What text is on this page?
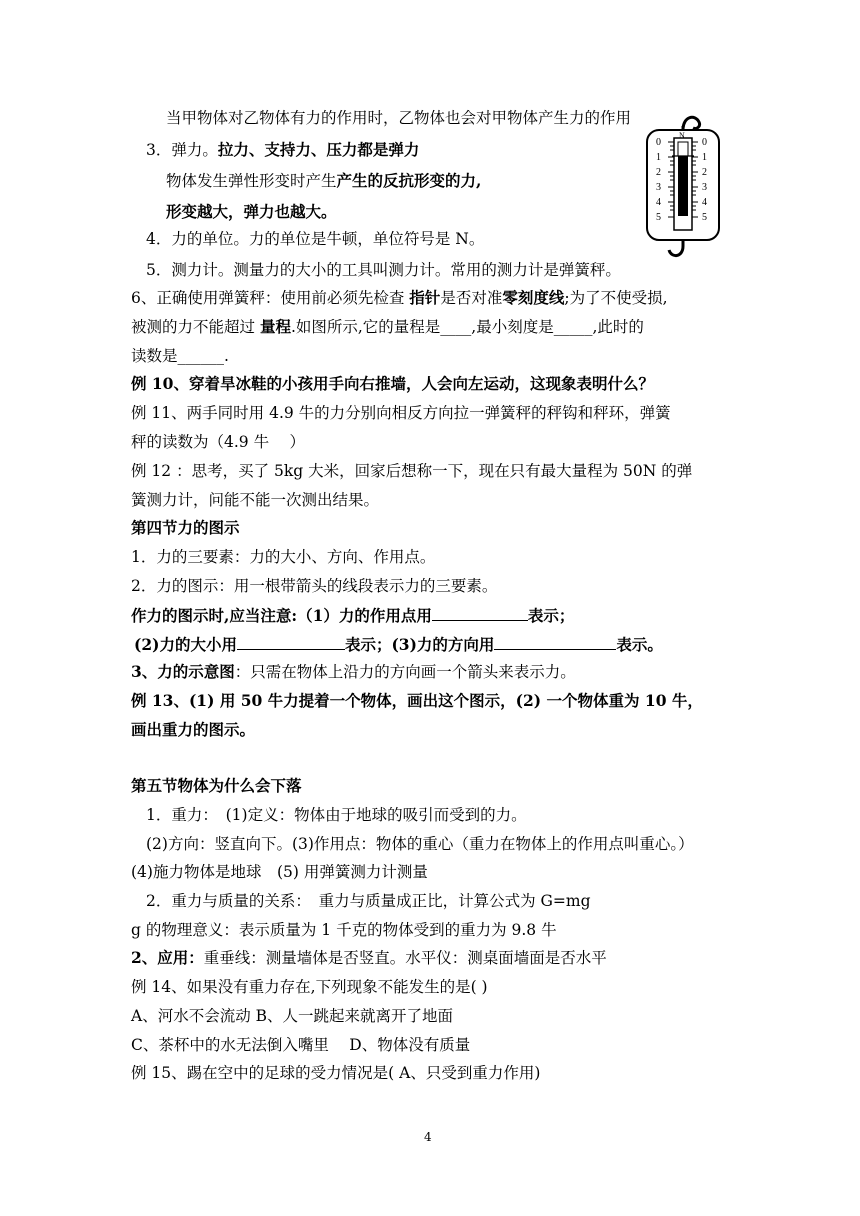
当甲物体对乙物体有力的作用时，乙物体也会对甲物体产生力的作用
3．弹力。拉力、支持力、压力都是弹力
物体发生弹性形变时产生产生的反抗形变的力,
形变越大，弹力也越大。
4．力的单位。力的单位是牛顿，单位符号是 N。
5．测力计。测量力的大小的工具叫测力计。常用的测力计是弹簧秤。
6、正确使用弹簧秤：使用前必须先检查 指针是否对准零刻度线;为了不使受损,
被测的力不能超过 量程.如图所示,它的量程是____,最小刻度是_____,此时的
读数是______.
例 10、穿着旱冰鞋的小孩用手向右推墙，人会向左运动，这现象表明什么？
例 11、两手同时用 4.9 牛的力分别向相反方向拉一弹簧秤的秤钩和秤环，弹簧
秤的读数为（4.9 牛　 ）
例 12 ：思考，买了 5kg 大米，回家后想称一下，现在只有最大量程为 50N 的弹
簧测力计，问能不能一次测出结果。
第四节力的图示
1．力的三要素：力的大小、方向、作用点。
2．力的图示：用一根带箭头的线段表示力的三要素。
作力的图示时,应当注意:（1）力的作用点用	表示；
(2)力的大小用	表示；(3)力的方向用	表示。
3、力的示意图：只需在物体上沿力的方向画一个箭头来表示力。
例 13、(1) 用 50 牛力提着一个物体，画出这个图示，(2) 一个物体重为 10 牛，
画出重力的图示。
第五节物体为什么会下落
1．重力：　(1)定义：物体由于地球的吸引而受到的力。
(2)方向：竖直向下。(3)作用点：物体的重心（重力在物体上的作用点叫重心。）
(4)施力物体是地球　(5) 用弹簧测力计测量
2．重力与质量的关系：　重力与质量成正比，计算公式为 G=mg
g 的物理意义：表示质量为 1 千克的物体受到的重力为 9.8 牛
2、应用：重垂线：测量墙体是否竖直。水平仪：测桌面墙面是否水平
例 14、如果没有重力存在,下列现象不能发生的是( )
A、河水不会流动 B、人一跳起来就离开了地面
C、茶杯中的水无法倒入嘴里　 D、物体没有质量
例 15、踢在空中的足球的受力情况是( A、只受到重力作用)
4
N
0
1
2
3
4
5
0
1
2
3
4
5
